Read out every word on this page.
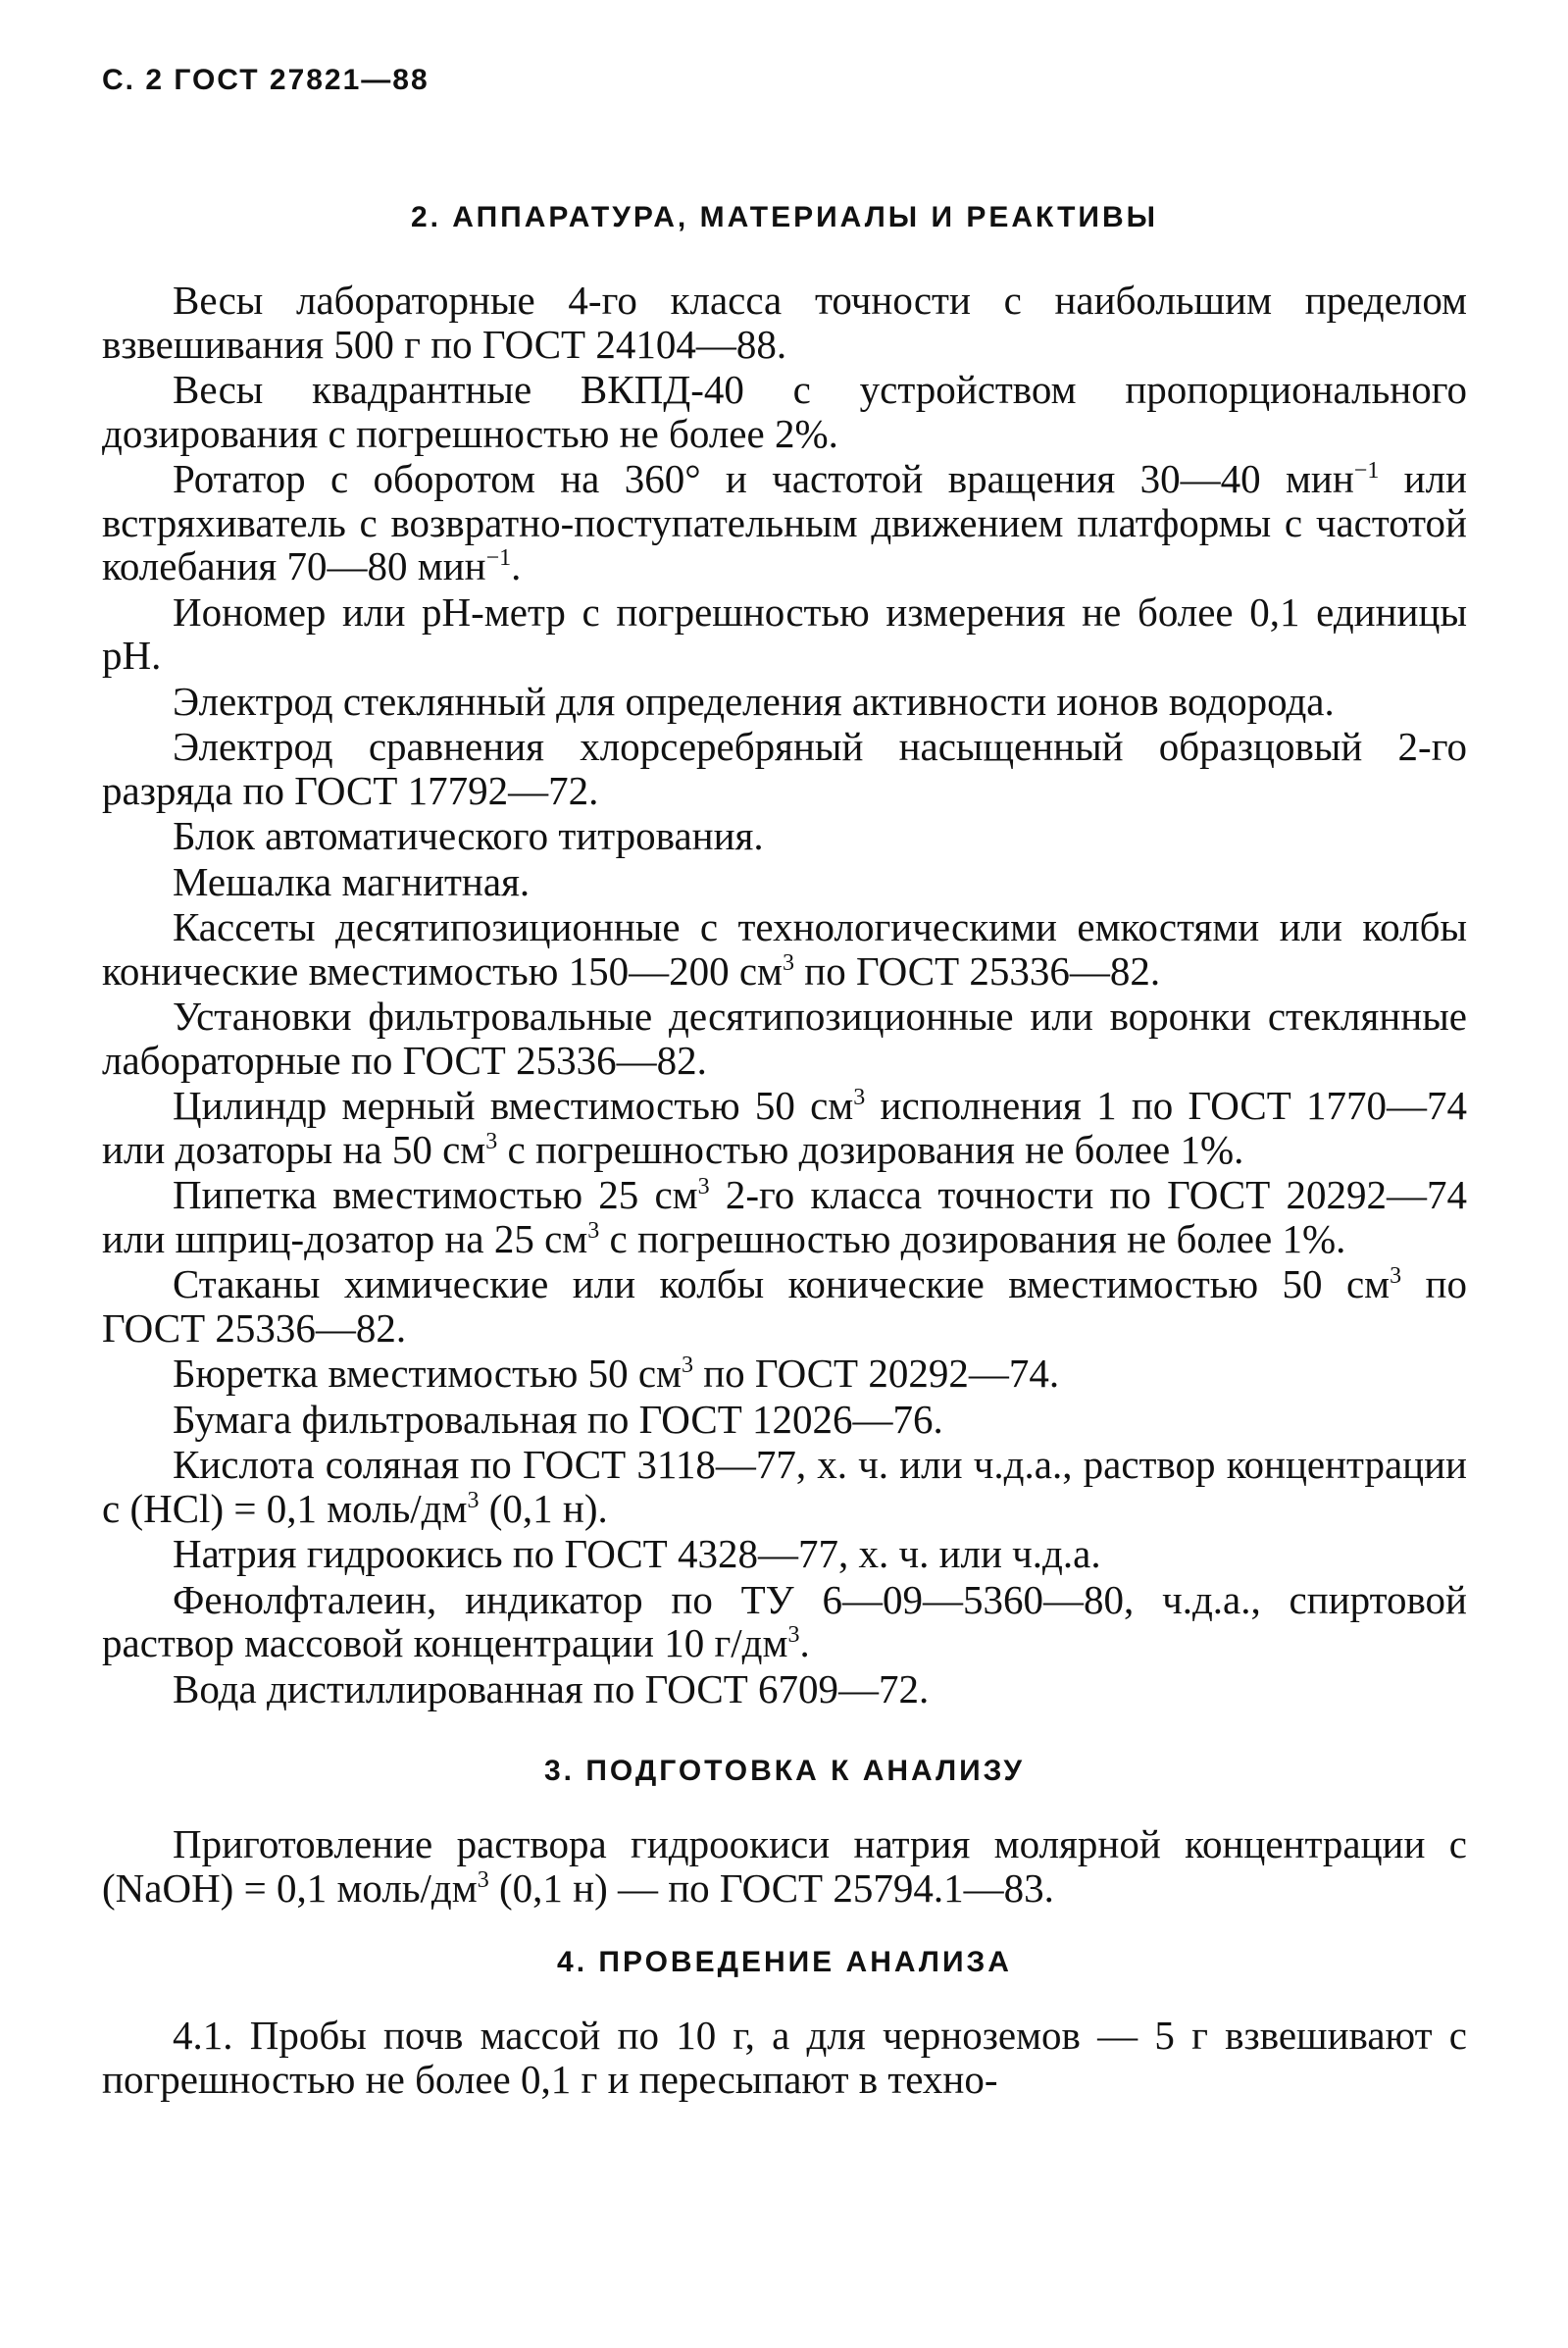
С. 2 ГОСТ 27821—88
2. АППАРАТУРА, МАТЕРИАЛЫ И РЕАКТИВЫ

Весы лабораторные 4-го класса точности с наибольшим пределом взвешивания 500 г по ГОСТ 24104—88.

Весы квадрантные ВКПД-40 с устройством пропорционального дозирования с погрешностью не более 2%.

Ротатор с оборотом на 360° и частотой вращения 30—40 мин$^{-1}$ или встряхиватель с возвратно-поступательным движением платформы с частотой колебания 70—80 мин$^{-1}$.

Иономер или рН-метр с погрешностью измерения не более 0,1 единицы рН.

Электрод стеклянный для определения активности ионов водорода.

Электрод сравнения хлорсеребряный насыщенный образцовый 2-го разряда по ГОСТ 17792—72.

Блок автоматического титрования.

Мешалка магнитная.

Кассеты десятипозиционные с технологическими емкостями или колбы конические вместимостью 150—200 $см^3$ по ГОСТ 25336—82.

Установки фильтровальные десятипозиционные или воронки стеклянные лабораторные по ГОСТ 25336—82.

Цилиндр мерный вместимостью 50 $см^3$ исполнения 1 по ГОСТ 1770—74 или дозаторы на 50 $см^3$ с погрешностью дозирования не более 1%.

Пипетка вместимостью 25 $см^3$ 2-го класса точности по ГОСТ 20292—74 или шприц-дозатор на 25 $см^3$ с погрешностью дозирования не более 1%.

Стаканы химические или колбы конические вместимостью 50 $см^3$ по ГОСТ 25336—82.

Бюретка вместимостью 50 $см^3$ по ГОСТ 20292—74.

Бумага фильтровальная по ГОСТ 12026—76.

Кислота соляная по ГОСТ 3118—77, х. ч. или ч.д.а., раствор концентрации с (HCl) = 0,1 моль/$дм^3$ (0,1 н).

Натрия гидроокись по ГОСТ 4328—77, х. ч. или ч.д.а.

Фенолфталеин, индикатор по ТУ 6—09—5360—80, ч.д.а., спиртовой раствор массовой концентрации 10 $г/дм^3$.

Вода дистиллированная по ГОСТ 6709—72.

3. ПОДГОТОВКА К АНАЛИЗУ

Приготовление раствора гидроокиси натрия молярной концентрации с (NaOH) = 0,1 моль/$дм^3$ (0,1 н) — по ГОСТ 25794.1—83.

4. ПРОВЕДЕНИЕ АНАЛИЗА

4.1. Пробы почв массой по 10 г, а для черноземов — 5 г взвешивают с погрешностью не более 0,1 г и пересыпают в техно-
